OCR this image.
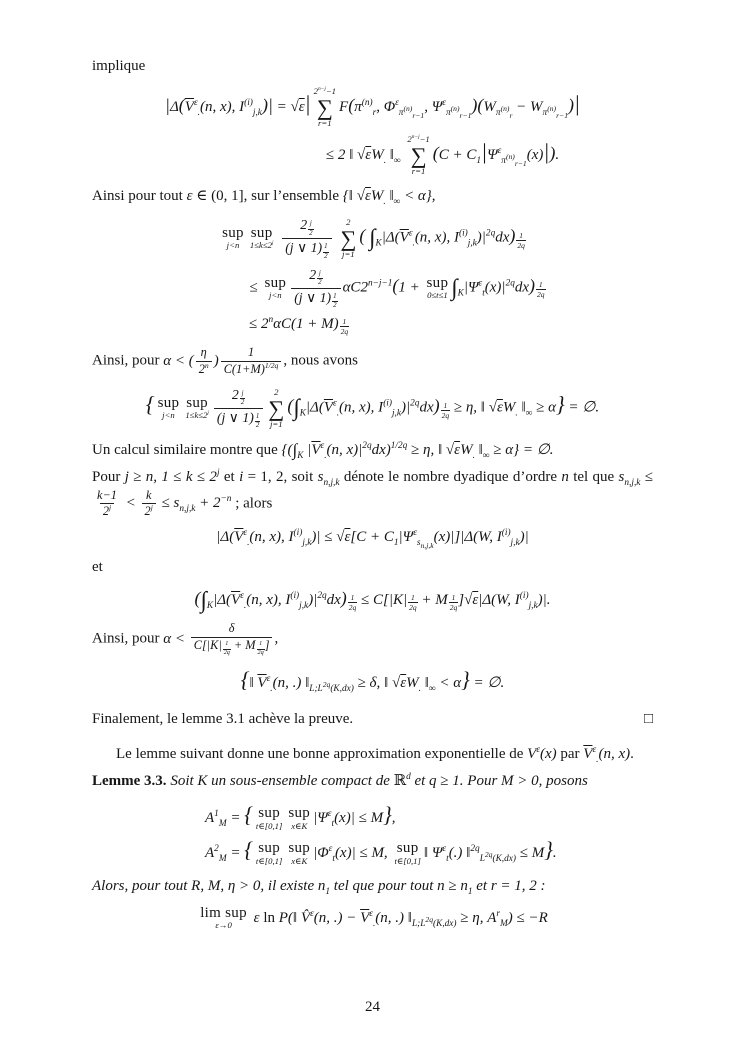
implique

$|\Delta(\overline{V}^\varepsilon_.(n$, x), $I^{(i)}_{j,k})| = √\varepsilon|$
$2^{n-j}-1$
∑
r=1
$F(\pi^{(n)}_r$, $\Phi^\varepsilon_{\pi^{(n)}_{r-1}}$, $\Psi^\varepsilon_{\pi^{(n)}_{r-1}})(W_{\pi^{(n)}_r} - W_{\pi^{(n)}_{r-1}})|$
≤ 2 ‖ $√\varepsilon W_.$ $‖_\infty$
$2^{n-j}-1$
∑
r=1
$(C + C_1|\Psi^\varepsilon_{\pi^{(n)}_{r-1}}(x)|)$.

Ainsi pour tout ε ∈ (0, 1], sur l’ensemble {‖ $√\varepsilon W_.$ $‖_\infty < \alpha$},

sup
j<n
sup
$1\le k\le 2^j$
$\frac{2 \frac{j}{2}}{(j \vee 1) \frac{1}{2}}$
2
∑
j=1
( $\int_K|\Delta(\overline{V}^\varepsilon_.(n$, x), $I^{(i)}_{j,k})|^{2q}dx) \frac{1}{2q}$
≤ sup
$j<n \frac{2 \frac{j}{2}}{(j \vee 1) \frac{1}{2}} \alpha C2^{n-j-1}(1$ + sup
0≤t≤1 $\int_K|\Psi^\varepsilon_t(x)|^{2q}dx) \frac{1}{2q}$
≤ $2^n\alpha C(1 + M) \frac{1}{2q}$

Ainsi, pour α < ( $\frac{\eta}{2^n}$ ) $\frac{1}{C(1+M)^{1/2q}}$ , nous avons

{ sup
j<n
sup
$1\le k\le 2^j \frac{2 \frac{j}{2}}{(j \vee 1) \frac{1}{2}} 2$
∑
j=1
($\int_K|\Delta(\overline{V}^\varepsilon_.(n$, x), $I^{(i)}_{j,k})|^{2q}dx) \frac{1}{2q} \ge \eta$, ‖ $√\varepsilon W_.$ $‖_\infty \ge \alpha$} = ∅.

Un calcul similaire montre que {($\int_K$ $|\overline{V}^\varepsilon_.(n$, $x)|^{2q}dx)^{1/2q} \ge \eta$, ‖ $√\varepsilon W_.$ $‖_\infty \ge \alpha$} = ∅.

Pour j ≥ n, $1 \le k \le 2^j$ et i = 1, 2, soit $s_{n,j,k}$ dénote le nombre dyadique d’ordre n tel que $s_{n,j,k}$ ≤
$\frac{k-1}{2^j} < \frac{k}{2^j} \le s_{n,j,k} + 2^{-n}$ ; alors

$|\Delta(\overline{V}^\varepsilon_.(n$, x), $I^{(i)}_{j,k})| \le √\varepsilon[C + C_1|\Psi^\varepsilon_{s_{n,j,k}}(x)|]|\Delta(W$, $I^{(i)}_{j,k})|$

et

($\int_K|\Delta(\overline{V}^\varepsilon_.(n$, x), $I^{(i)}_{j,k})|^{2q}dx) \frac{1}{2q} \le C[|K| \frac{1}{2q} + M \frac{1}{2q} ]√\varepsilon|\Delta(W$, $I^{(i)}_{j,k})|$.

Ainsi, pour $\alpha < \frac{\delta}{C[|K| \frac{1}{2q} + M \frac{1}{2q} ]}$ ,

{‖ $\overline{V}^\varepsilon_.(n$, .) $‖_{L;L^{2q}(K,dx)} \ge \delta$, ‖ $√\varepsilon W_.$ $‖_\infty < \alpha$} = ∅.

Finalement, le lemme 3.1 achève la preuve.	□

Le lemme suivant donne une bonne approximation exponentielle de $V^\varepsilon(x)$ par $\overline{V}^\varepsilon_.(n$, x).

Lemme 3.3. Soit K un sous-ensemble compact de ℝ$^d$ et q ≥ 1. Pour M > 0, posons

$A^1_M$ = { sup
t∈[0,1]
sup
x∈K $|\Psi^\varepsilon_t(x)| \le M$},
$A^2_M$ = { sup
t∈[0,1]
sup
x∈K $|\Phi^\varepsilon_t(x)| \le M$, sup
t∈[0,1] ‖ $\Psi^\varepsilon_t(.)$ ‖$^{2q}_{L^{2q}(K,dx)}$ ≤ M}.

Alors, pour tout R, M, η > 0, il existe $n_1$ tel que pour tout $n \ge n_1$ et r = 1, 2 :

lim sup
ε→0 ε ln P(‖ V̂$^\varepsilon$(n, .) − $\overline{V}^\varepsilon_.(n$, .) $‖_{L;L^{2q}(K,dx)} \ge \eta$, $A^r_M) \le -R$
24
